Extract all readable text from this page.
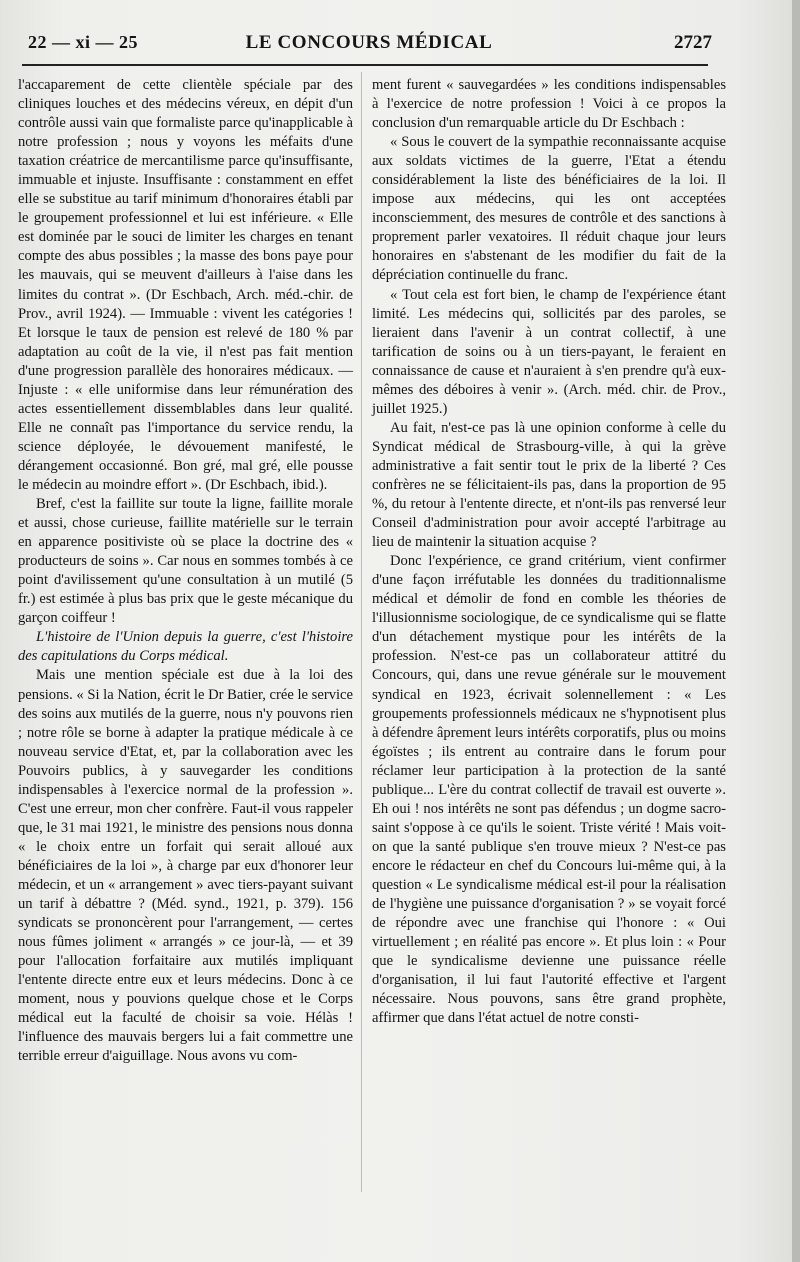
22 — xi — 25	LE CONCOURS MÉDICAL	2727

l'accaparement de cette clientèle spéciale par des cliniques louches et des médecins véreux, en dépit d'un contrôle aussi vain que formaliste parce qu'inapplicable à notre profession ; nous y voyons les méfaits d'une taxation créatrice de mercantilisme parce qu'insuffisante, immuable et injuste. Insuffisante : constamment en effet elle se substitue au tarif minimum d'honoraires établi par le groupement professionnel et lui est inférieure. « Elle est dominée par le souci de limiter les charges en tenant compte des abus possibles ; la masse des bons paye pour les mauvais, qui se meuvent d'ailleurs à l'aise dans les limites du contrat ». (Dr Eschbach, Arch. méd.-chir. de Prov., avril 1924). — Immuable : vivent les catégories ! Et lorsque le taux de pension est relevé de 180 % par adaptation au coût de la vie, il n'est pas fait mention d'une progression parallèle des honoraires médicaux. — Injuste : « elle uniformise dans leur rémunération des actes essentiellement dissemblables dans leur qualité. Elle ne connaît pas l'importance du service rendu, la science déployée, le dévouement manifesté, le dérangement occasionné. Bon gré, mal gré, elle pousse le médecin au moindre effort ». (Dr Eschbach, ibid.).

Bref, c'est la faillite sur toute la ligne, faillite morale et aussi, chose curieuse, faillite matérielle sur le terrain en apparence positiviste où se place la doctrine des « producteurs de soins ». Car nous en sommes tombés à ce point d'avilissement qu'une consultation à un mutilé (5 fr.) est estimée à plus bas prix que le geste mécanique du garçon coiffeur !

L'histoire de l'Union depuis la guerre, c'est l'histoire des capitulations du Corps médical.

Mais une mention spéciale est due à la loi des pensions. « Si la Nation, écrit le Dr Batier, crée le service des soins aux mutilés de la guerre, nous n'y pouvons rien ; notre rôle se borne à adapter la pratique médicale à ce nouveau service d'Etat, et, par la collaboration avec les Pouvoirs publics, à y sauvegarder les conditions indispensables à l'exercice normal de la profession ». C'est une erreur, mon cher confrère. Faut-il vous rappeler que, le 31 mai 1921, le ministre des pensions nous donna « le choix entre un forfait qui serait alloué aux bénéficiaires de la loi », à charge par eux d'honorer leur médecin, et un « arrangement » avec tiers-payant suivant un tarif à débattre ? (Méd. synd., 1921, p. 379). 156 syndicats se prononcèrent pour l'arrangement, — certes nous fûmes joliment « arrangés » ce jour-là, — et 39 pour l'allocation forfaitaire aux mutilés impliquant l'entente directe entre eux et leurs médecins. Donc à ce moment, nous y pouvions quelque chose et le Corps médical eut la faculté de choisir sa voie. Hélàs ! l'influence des mauvais bergers lui a fait commettre une terrible erreur d'aiguillage. Nous avons vu com-

ment furent « sauvegardées » les conditions indispensables à l'exercice de notre profession ! Voici à ce propos la conclusion d'un remarquable article du Dr Eschbach :

« Sous le couvert de la sympathie reconnaissante acquise aux soldats victimes de la guerre, l'Etat a étendu considérablement la liste des bénéficiaires de la loi. Il impose aux médecins, qui les ont acceptées inconsciemment, des mesures de contrôle et des sanctions à proprement parler vexatoires. Il réduit chaque jour leurs honoraires en s'abstenant de les modifier du fait de la dépréciation continuelle du franc.

« Tout cela est fort bien, le champ de l'expérience étant limité. Les médecins qui, sollicités par des paroles, se lieraient dans l'avenir à un contrat collectif, à une tarification de soins ou à un tiers-payant, le feraient en connaissance de cause et n'auraient à s'en prendre qu'à eux-mêmes des déboires à venir ». (Arch. méd. chir. de Prov., juillet 1925.)

Au fait, n'est-ce pas là une opinion conforme à celle du Syndicat médical de Strasbourg-ville, à qui la grève administrative a fait sentir tout le prix de la liberté ? Ces confrères ne se félicitaient-ils pas, dans la proportion de 95 %, du retour à l'entente directe, et n'ont-ils pas renversé leur Conseil d'administration pour avoir accepté l'arbitrage au lieu de maintenir la situation acquise ?

Donc l'expérience, ce grand critérium, vient confirmer d'une façon irréfutable les données du traditionnalisme médical et démolir de fond en comble les théories de l'illusionnisme sociologique, de ce syndicalisme qui se flatte d'un détachement mystique pour les intérêts de la profession. N'est-ce pas un collaborateur attitré du Concours, qui, dans une revue générale sur le mouvement syndical en 1923, écrivait solennellement : « Les groupements professionnels médicaux ne s'hypnotisent plus à défendre âprement leurs intérêts corporatifs, plus ou moins égoïstes ; ils entrent au contraire dans le forum pour réclamer leur participation à la protection de la santé publique... L'ère du contrat collectif de travail est ouverte ». Eh oui ! nos intérêts ne sont pas défendus ; un dogme sacro-saint s'oppose à ce qu'ils le soient. Triste vérité ! Mais voit-on que la santé publique s'en trouve mieux ? N'est-ce pas encore le rédacteur en chef du Concours lui-même qui, à la question « Le syndicalisme médical est-il pour la réalisation de l'hygiène une puissance d'organisation ? » se voyait forcé de répondre avec une franchise qui l'honore : « Oui virtuellement ; en réalité pas encore ». Et plus loin : « Pour que le syndicalisme devienne une puissance réelle d'organisation, il lui faut l'autorité effective et l'argent nécessaire. Nous pouvons, sans être grand prophète, affirmer que dans l'état actuel de notre consti-
